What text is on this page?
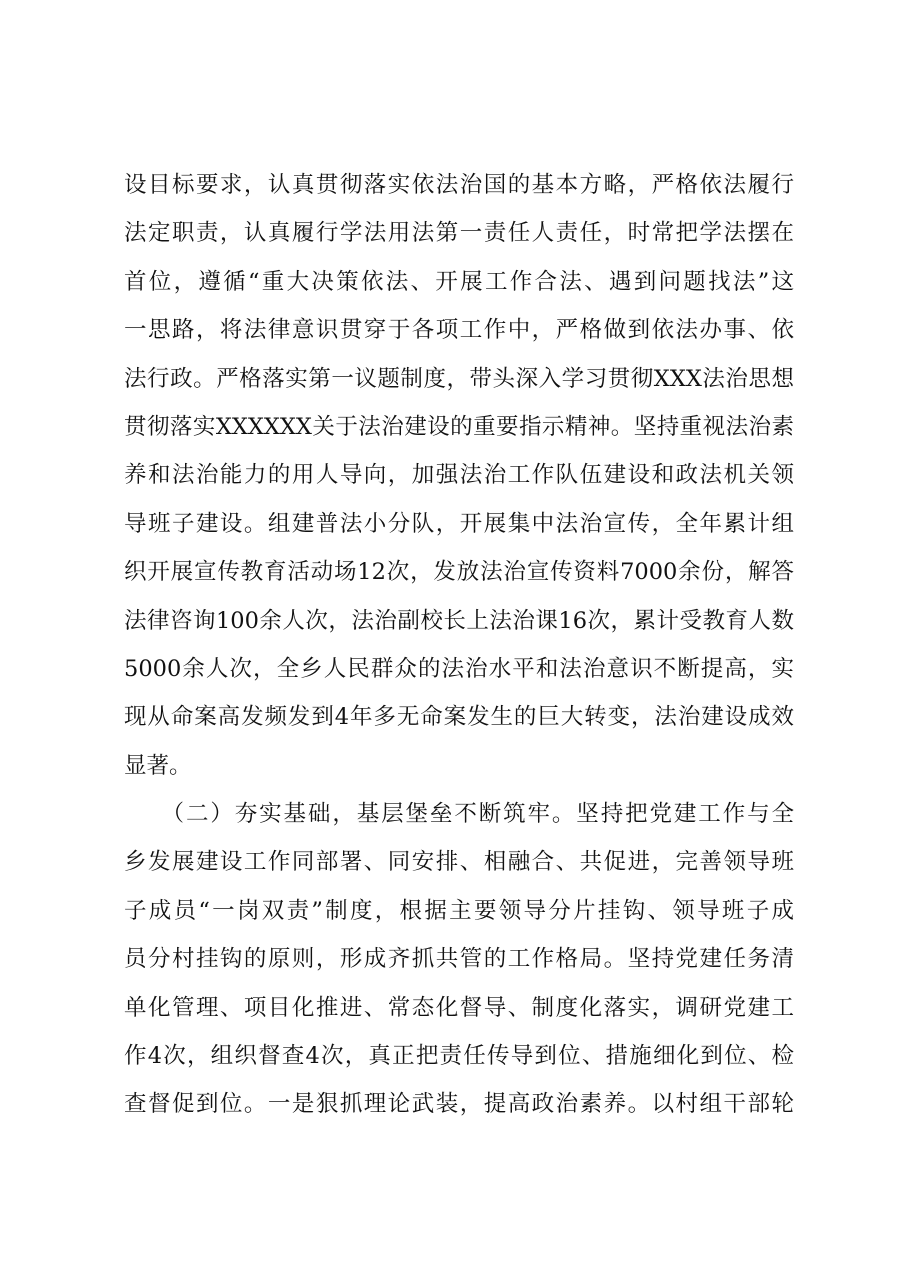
设目标要求，认真贯彻落实依法治国的基本方略，严格依法履行
法定职责，认真履行学法用法第一责任人责任，时常把学法摆在
首位，遵循“重大决策依法、开展工作合法、遇到问题找法”这
一思路，将法律意识贯穿于各项工作中，严格做到依法办事、依
法行政。严格落实第一议题制度，带头深入学习贯彻XXX法治思想
贯彻落实XXXXXX关于法治建设的重要指示精神。坚持重视法治素
养和法治能力的用人导向，加强法治工作队伍建设和政法机关领
导班子建设。组建普法小分队，开展集中法治宣传，全年累计组
织开展宣传教育活动场12次，发放法治宣传资料7000余份，解答
法律咨询100余人次，法治副校长上法治课16次，累计受教育人数
5000余人次，全乡人民群众的法治水平和法治意识不断提高，实
现从命案高发频发到4年多无命案发生的巨大转变，法治建设成效
显著。
　　（二）夯实基础，基层堡垒不断筑牢。坚持把党建工作与全
乡发展建设工作同部署、同安排、相融合、共促进，完善领导班
子成员“一岗双责”制度，根据主要领导分片挂钩、领导班子成
员分村挂钩的原则，形成齐抓共管的工作格局。坚持党建任务清
单化管理、项目化推进、常态化督导、制度化落实，调研党建工
作4次，组织督查4次，真正把责任传导到位、措施细化到位、检
查督促到位。一是狠抓理论武装，提高政治素养。以村组干部轮
